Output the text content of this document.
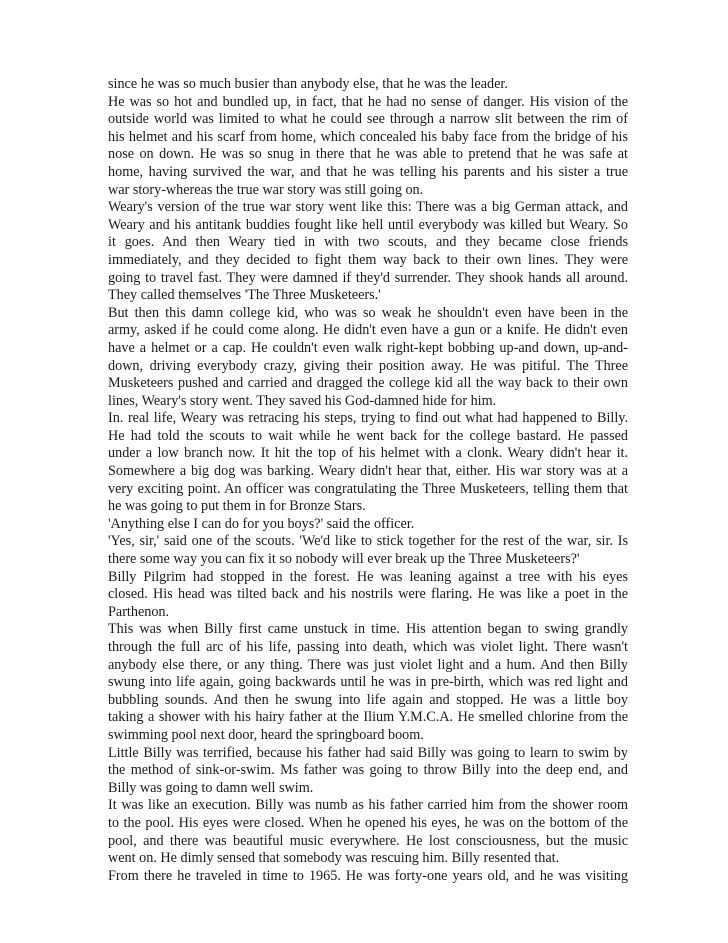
since he was so much busier than anybody else, that he was the leader.
He was so hot and bundled up, in fact, that he had no sense of danger. His vision of the
outside world was limited to what he could see through a narrow slit between the rim of
his helmet and his scarf from home, which concealed his baby face from the bridge of his
nose on down. He was so snug in there that he was able to pretend that he was safe at
home, having survived the war, and that he was telling his parents and his sister a true
war story-whereas the true war story was still going on.
Weary's version of the true war story went like this: There was a big German attack, and
Weary and his antitank buddies fought like hell until everybody was killed but Weary. So
it goes. And then Weary tied in with two scouts, and they became close friends
immediately, and they decided to fight them way back to their own lines. They were
going to travel fast. They were damned if they'd surrender. They shook hands all around.
They called themselves 'The Three Musketeers.'
But then this damn college kid, who was so weak he shouldn't even have been in the
army, asked if he could come along. He didn't even have a gun or a knife. He didn't even
have a helmet or a cap. He couldn't even walk right-kept bobbing up-and down, up-and-
down, driving everybody crazy, giving their position away. He was pitiful. The Three
Musketeers pushed and carried and dragged the college kid all the way back to their own
lines, Weary's story went. They saved his God-damned hide for him.
In. real life, Weary was retracing his steps, trying to find out what had happened to Billy.
He had told the scouts to wait while he went back for the college bastard. He passed
under a low branch now. It hit the top of his helmet with a clonk. Weary didn't hear it.
Somewhere a big dog was barking. Weary didn't hear that, either. His war story was at a
very exciting point. An officer was congratulating the Three Musketeers, telling them that
he was going to put them in for Bronze Stars.
'Anything else I can do for you boys?' said the officer.
'Yes, sir,' said one of the scouts. 'We'd like to stick together for the rest of the war, sir. Is
there some way you can fix it so nobody will ever break up the Three Musketeers?'
Billy Pilgrim had stopped in the forest. He was leaning against a tree with his eyes
closed. His head was tilted back and his nostrils were flaring. He was like a poet in the
Parthenon.
This was when Billy first came unstuck in time. His attention began to swing grandly
through the full arc of his life, passing into death, which was violet light. There wasn't
anybody else there, or any thing. There was just violet light and a hum. And then Billy
swung into life again, going backwards until he was in pre-birth, which was red light and
bubbling sounds. And then he swung into life again and stopped. He was a little boy
taking a shower with his hairy father at the Ilium Y.M.C.A. He smelled chlorine from the
swimming pool next door, heard the springboard boom.
Little Billy was terrified, because his father had said Billy was going to learn to swim by
the method of sink-or-swim. Ms father was going to throw Billy into the deep end, and
Billy was going to damn well swim.
It was like an execution. Billy was numb as his father carried him from the shower room
to the pool. His eyes were closed. When he opened his eyes, he was on the bottom of the
pool, and there was beautiful music everywhere. He lost consciousness, but the music
went on. He dimly sensed that somebody was rescuing him. Billy resented that.
From there he traveled in time to 1965. He was forty-one years old, and he was visiting
